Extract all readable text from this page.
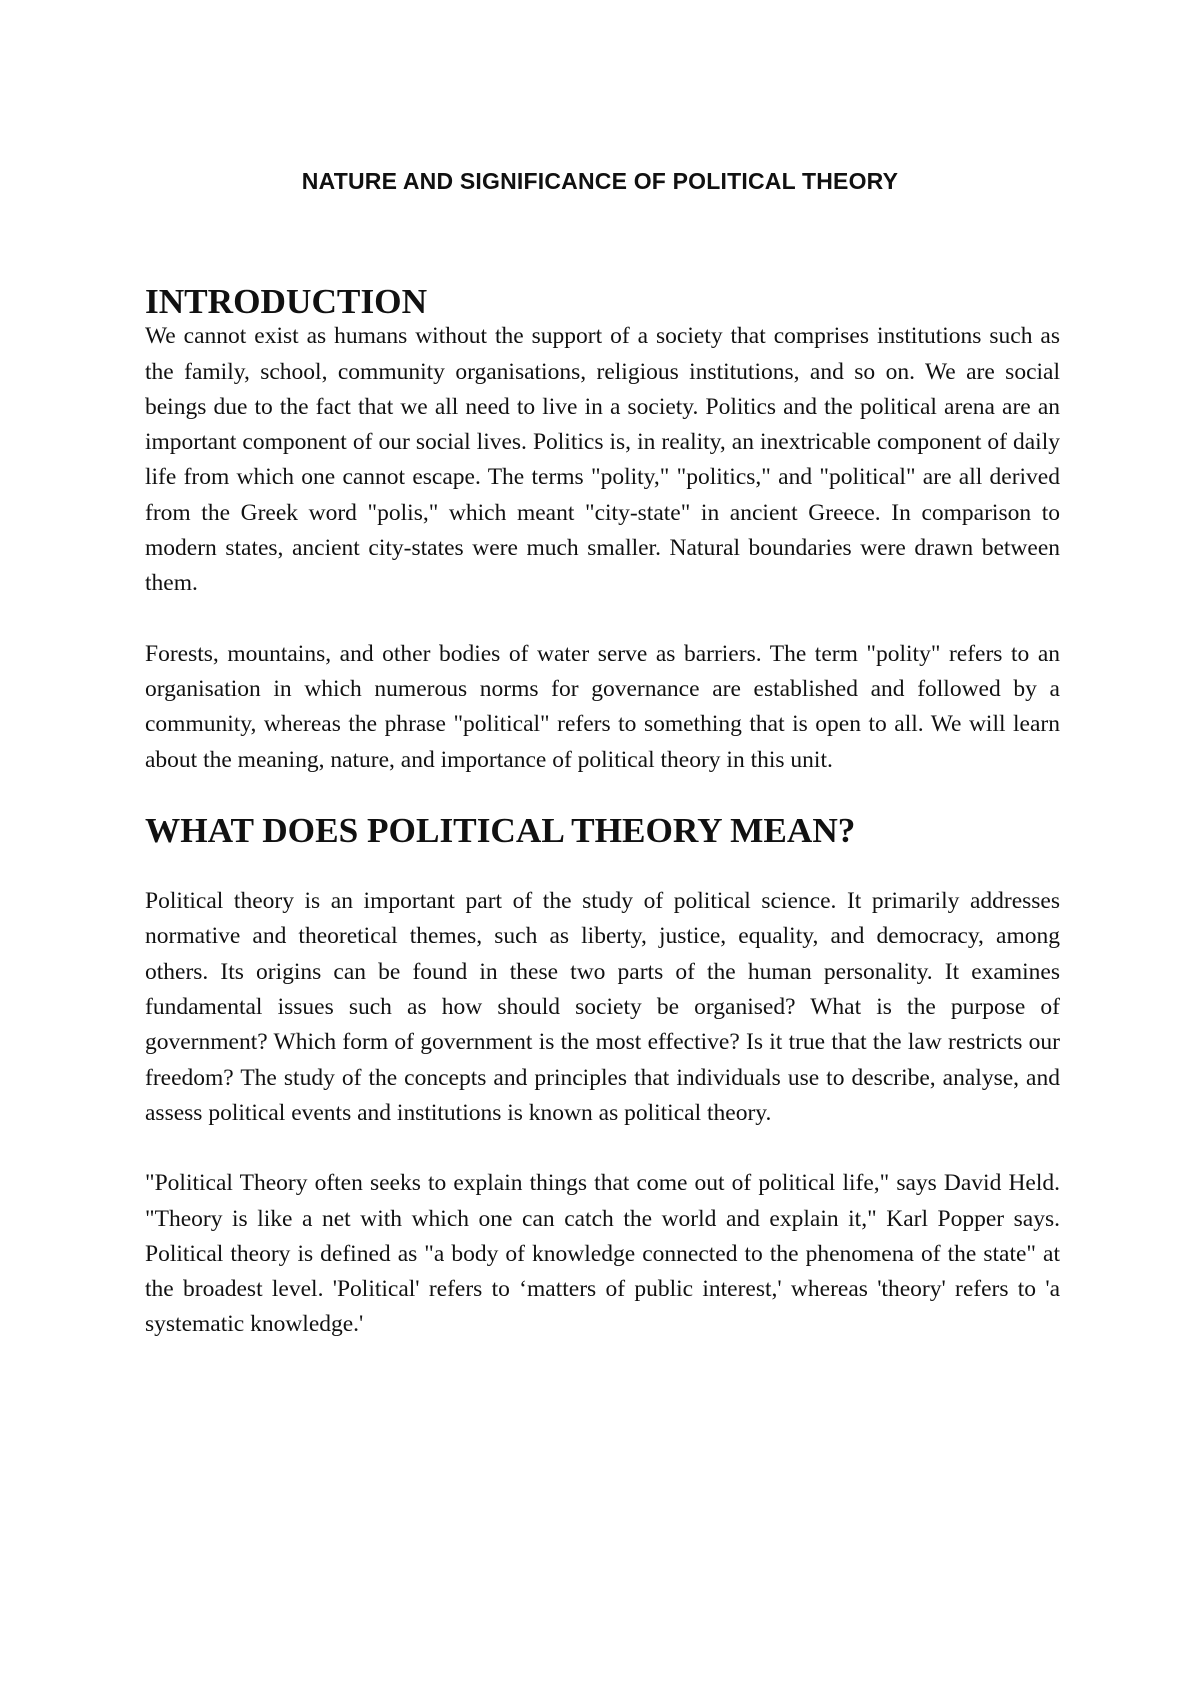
NATURE AND SIGNIFICANCE OF POLITICAL THEORY
INTRODUCTION

We cannot exist as humans without the support of a society that comprises institutions such as the family, school, community organisations, religious institutions, and so on. We are social beings due to the fact that we all need to live in a society. Politics and the political arena are an important component of our social lives. Politics is, in reality, an inextricable component of daily life from which one cannot escape. The terms "polity," "politics," and "political" are all derived from the Greek word "polis," which meant "city-state" in ancient Greece. In comparison to modern states, ancient city-states were much smaller. Natural boundaries were drawn between them.

Forests, mountains, and other bodies of water serve as barriers. The term "polity" refers to an organisation in which numerous norms for governance are established and followed by a community, whereas the phrase "political" refers to something that is open to all. We will learn about the meaning, nature, and importance of political theory in this unit.

WHAT DOES POLITICAL THEORY MEAN?

Political theory is an important part of the study of political science. It primarily addresses normative and theoretical themes, such as liberty, justice, equality, and democracy, among others. Its origins can be found in these two parts of the human personality. It examines fundamental issues such as how should society be organised? What is the purpose of government? Which form of government is the most effective? Is it true that the law restricts our freedom? The study of the concepts and principles that individuals use to describe, analyse, and assess political events and institutions is known as political theory.

"Political Theory often seeks to explain things that come out of political life," says David Held. "Theory is like a net with which one can catch the world and explain it," Karl Popper says. Political theory is defined as "a body of knowledge connected to the phenomena of the state" at the broadest level. 'Political' refers to ‘matters of public interest,' whereas 'theory' refers to 'a systematic knowledge.'
